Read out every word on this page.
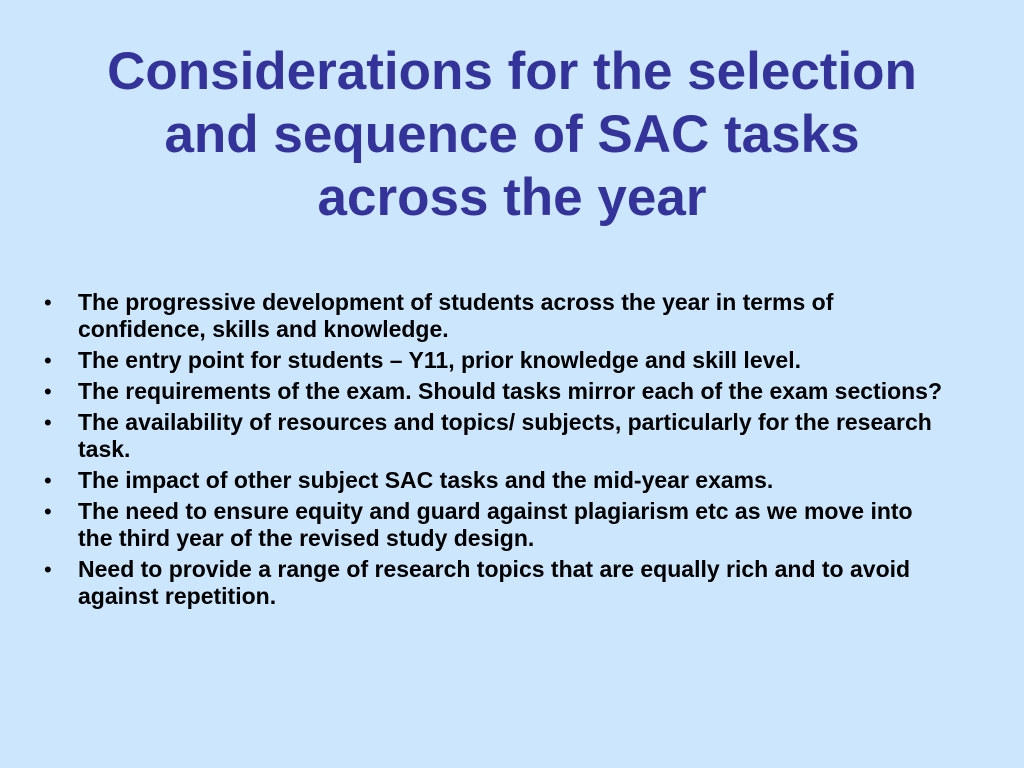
Considerations for the selection
and sequence of SAC tasks
across the year
• The progressive development of students across the year in terms of confidence, skills and knowledge.
• The entry point for students – Y11, prior knowledge and skill level.
• The requirements of the exam. Should tasks mirror each of the exam sections?
• The availability of resources and topics/ subjects, particularly for the research task.
• The impact of other subject SAC tasks and the mid-year exams.
• The need to ensure equity and guard against plagiarism etc as we move into the third year of the revised study design.
• Need to provide a range of research topics that are equally rich and to avoid against repetition.
